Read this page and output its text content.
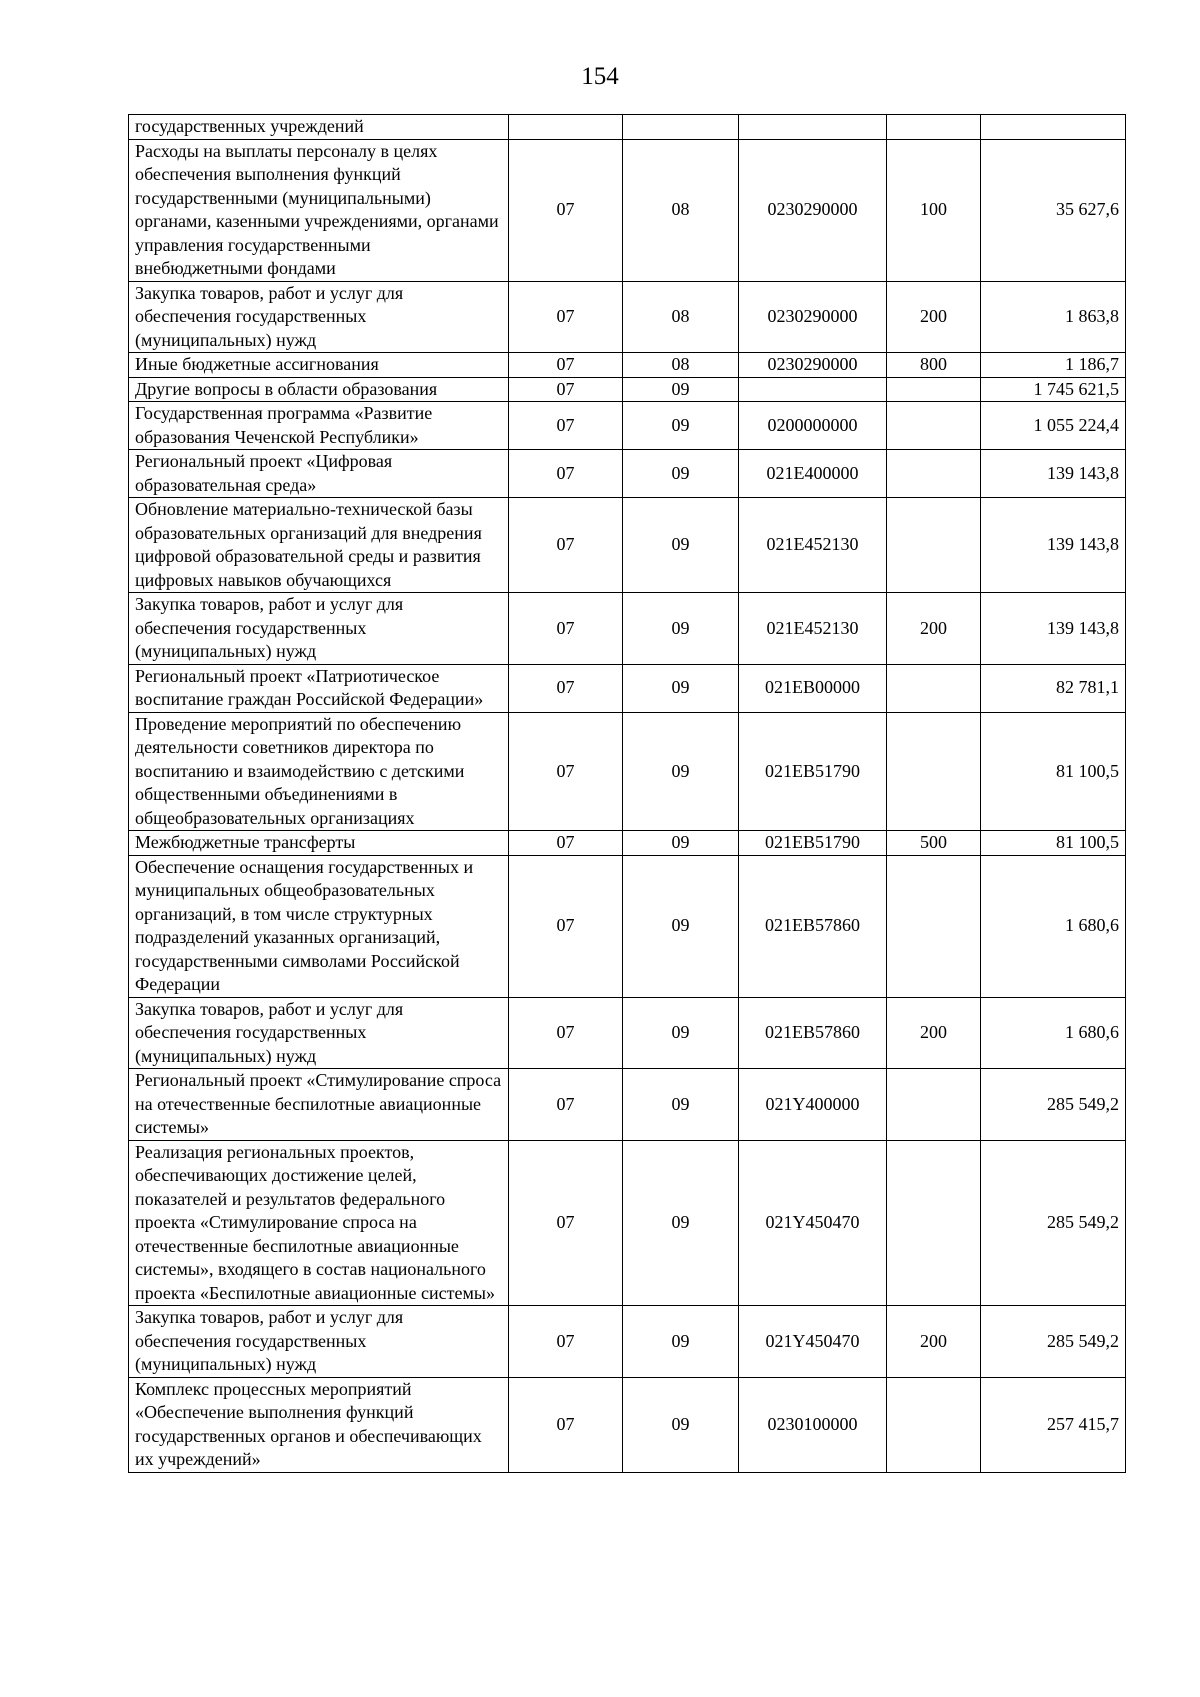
154
государственных учреждений					
Расходы на выплаты персоналу в целях обеспечения выполнения функций государственными (муниципальными) органами, казенными учреждениями, органами управления государственными внебюджетными фондами	07	08	0230290000	100	35 627,6
Закупка товаров, работ и услуг для обеспечения государственных (муниципальных) нужд	07	08	0230290000	200	1 863,8
Иные бюджетные ассигнования	07	08	0230290000	800	1 186,7
Другие вопросы в области образования	07	09			1 745 621,5
Государственная программа «Развитие образования Чеченской Республики»	07	09	0200000000		1 055 224,4
Региональный проект «Цифровая образовательная среда»	07	09	021E400000		139 143,8
Обновление материально-технической базы образовательных организаций для внедрения цифровой образовательной среды и развития цифровых навыков обучающихся	07	09	021E452130		139 143,8
Закупка товаров, работ и услуг для обеспечения государственных (муниципальных) нужд	07	09	021E452130	200	139 143,8
Региональный проект «Патриотическое воспитание граждан Российской Федерации»	07	09	021EB00000		82 781,1
Проведение мероприятий по обеспечению деятельности советников директора по воспитанию и взаимодействию с детскими общественными объединениями в общеобразовательных организациях	07	09	021EB51790		81 100,5
Межбюджетные трансферты	07	09	021EB51790	500	81 100,5
Обеспечение оснащения государственных и муниципальных общеобразовательных организаций, в том числе структурных подразделений указанных организаций, государственными символами Российской Федерации	07	09	021EB57860		1 680,6
Закупка товаров, работ и услуг для обеспечения государственных (муниципальных) нужд	07	09	021EB57860	200	1 680,6
Региональный проект «Стимулирование спроса на отечественные беспилотные авиационные системы»	07	09	021Y400000		285 549,2
Реализация региональных проектов, обеспечивающих достижение целей, показателей и результатов федерального проекта «Стимулирование спроса на отечественные беспилотные авиационные системы», входящего в состав национального проекта «Беспилотные авиационные системы»	07	09	021Y450470		285 549,2
Закупка товаров, работ и услуг для обеспечения государственных (муниципальных) нужд	07	09	021Y450470	200	285 549,2
Комплекс процессных мероприятий «Обеспечение выполнения функций государственных органов и обеспечивающих их учреждений»	07	09	0230100000		257 415,7
